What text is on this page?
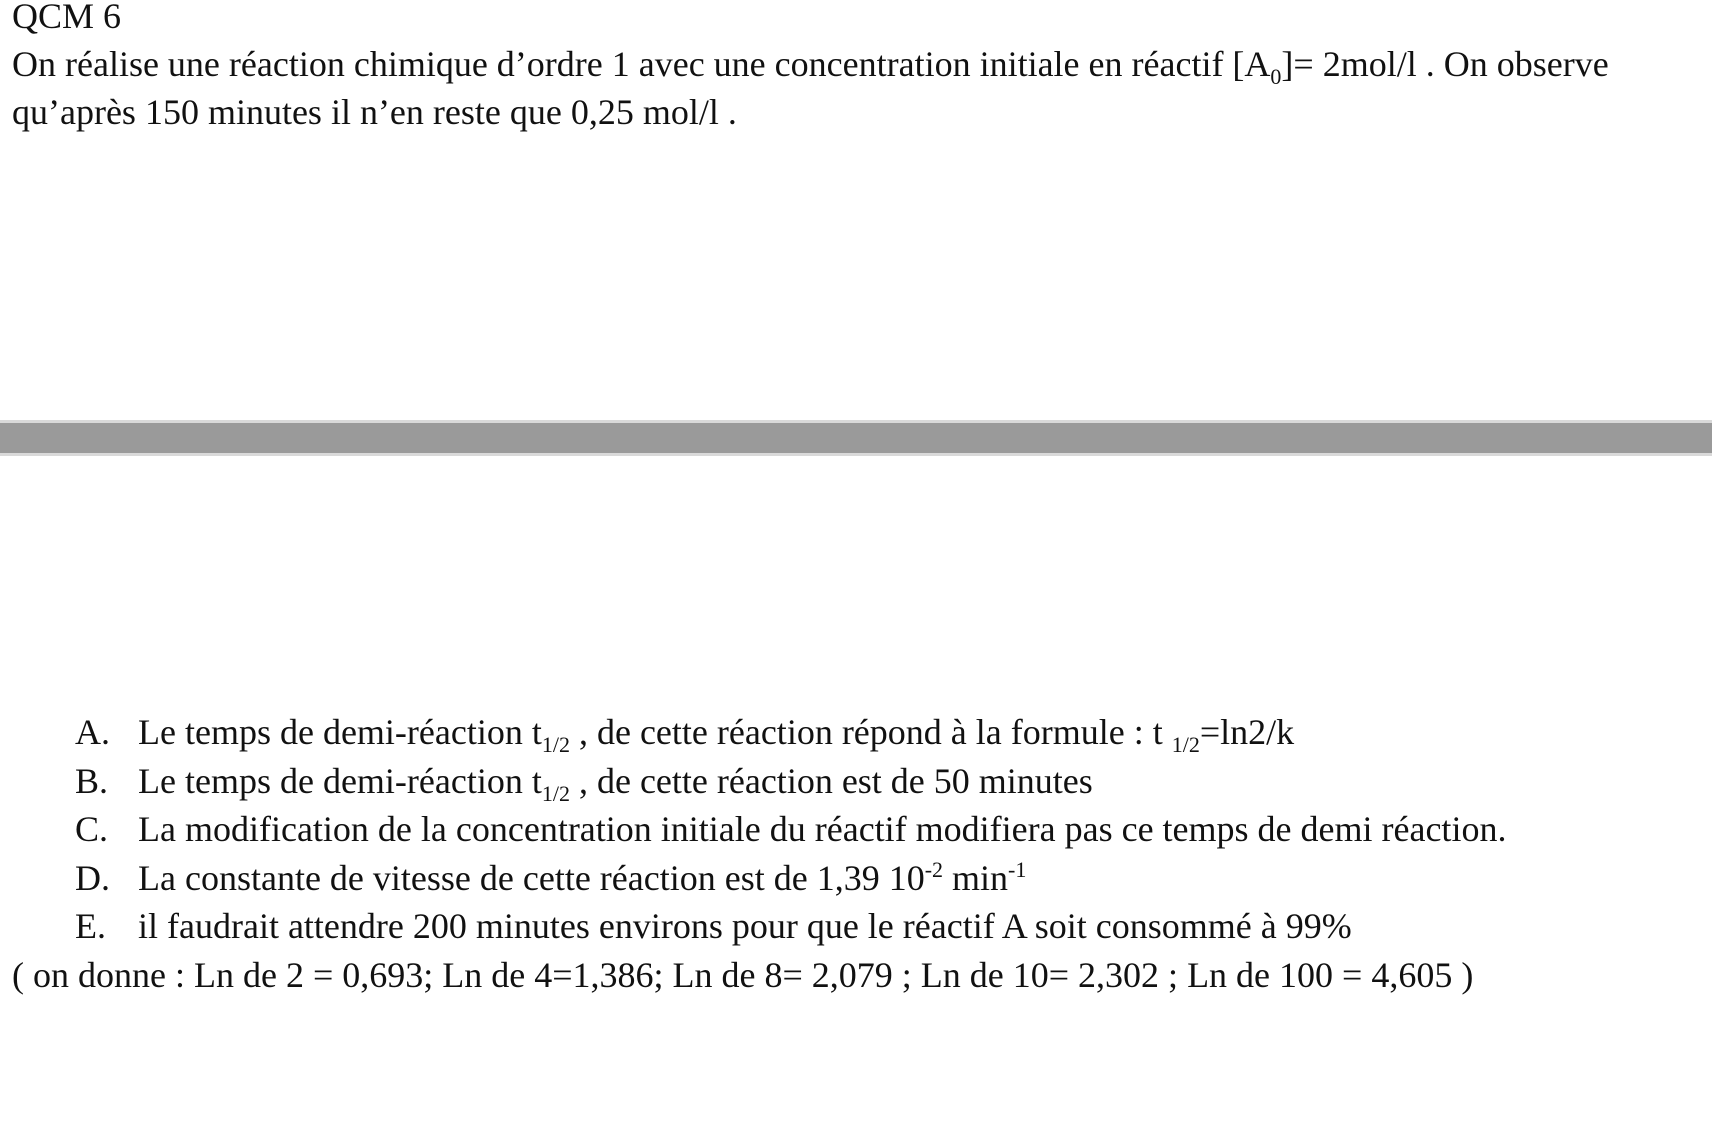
QCM 6
On réalise une réaction chimique d’ordre 1 avec une concentration initiale en réactif $[A_0]= 2mol/l$ . On observe qu’après 150 minutes il n’en reste que 0,25 mol/l .
A. Le temps de demi-réaction $t_{1/2}$ , de cette réaction répond à la formule : t $_{1/2}$=ln2/k
B. Le temps de demi-réaction $t_{1/2}$ , de cette réaction est de 50 minutes
C. La modification de la concentration initiale du réactif modifiera pas ce temps de demi réaction.
D. La constante de vitesse de cette réaction est de 1,39 $10^{-2}$ $\min^{-1}$
E. il faudrait attendre 200 minutes environs pour que le réactif A soit consommé à 99%
( on donne : Ln de 2 = 0,693; Ln de 4=1,386; Ln de 8= 2,079 ; Ln de 10= 2,302 ; Ln de 100 = 4,605 )
